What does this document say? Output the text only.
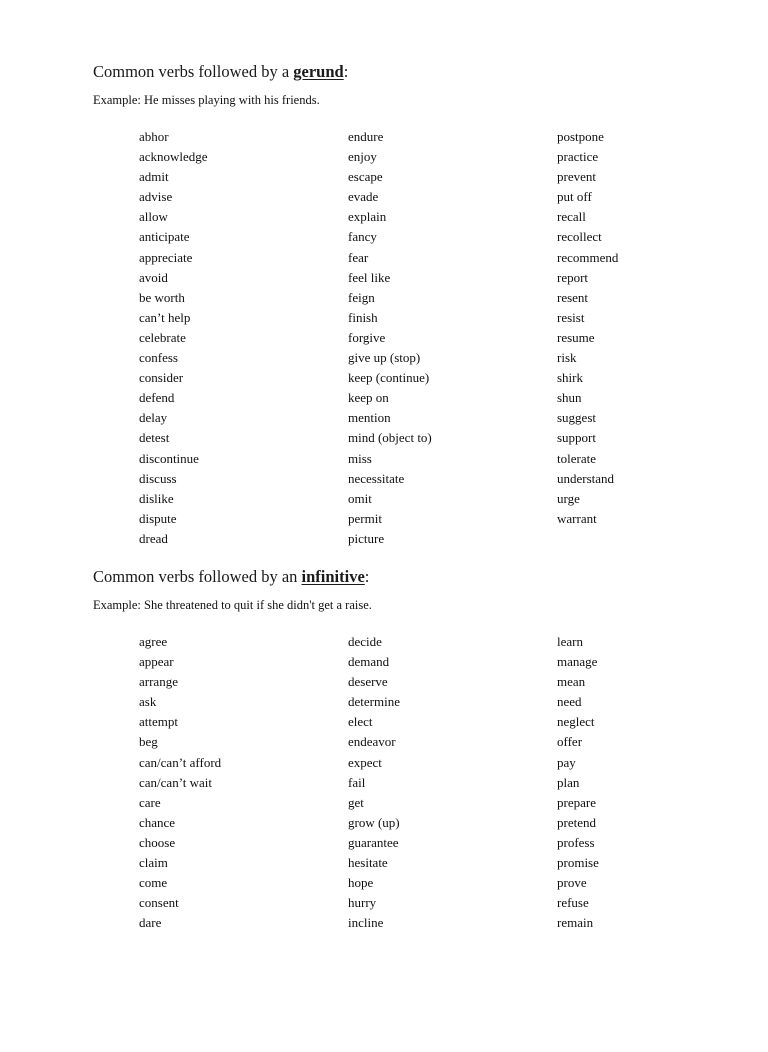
Common verbs followed by a gerund:
Example: He misses playing with his friends.
abhor
acknowledge
admit
advise
allow
anticipate
appreciate
avoid
be worth
can’t help
celebrate
confess
consider
defend
delay
detest
discontinue
discuss
dislike
dispute
dread
endure
enjoy
escape
evade
explain
fancy
fear
feel like
feign
finish
forgive
give up (stop)
keep (continue)
keep on
mention
mind (object to)
miss
necessitate
omit
permit
picture
postpone
practice
prevent
put off
recall
recollect
recommend
report
resent
resist
resume
risk
shirk
shun
suggest
support
tolerate
understand
urge
warrant
Common verbs followed by an infinitive:
Example: She threatened to quit if she didn't get a raise.
agree
appear
arrange
ask
attempt
beg
can/can’t afford
can/can’t wait
care
chance
choose
claim
come
consent
dare
decide
demand
deserve
determine
elect
endeavor
expect
fail
get
grow (up)
guarantee
hesitate
hope
hurry
incline
learn
manage
mean
need
neglect
offer
pay
plan
prepare
pretend
profess
promise
prove
refuse
remain
